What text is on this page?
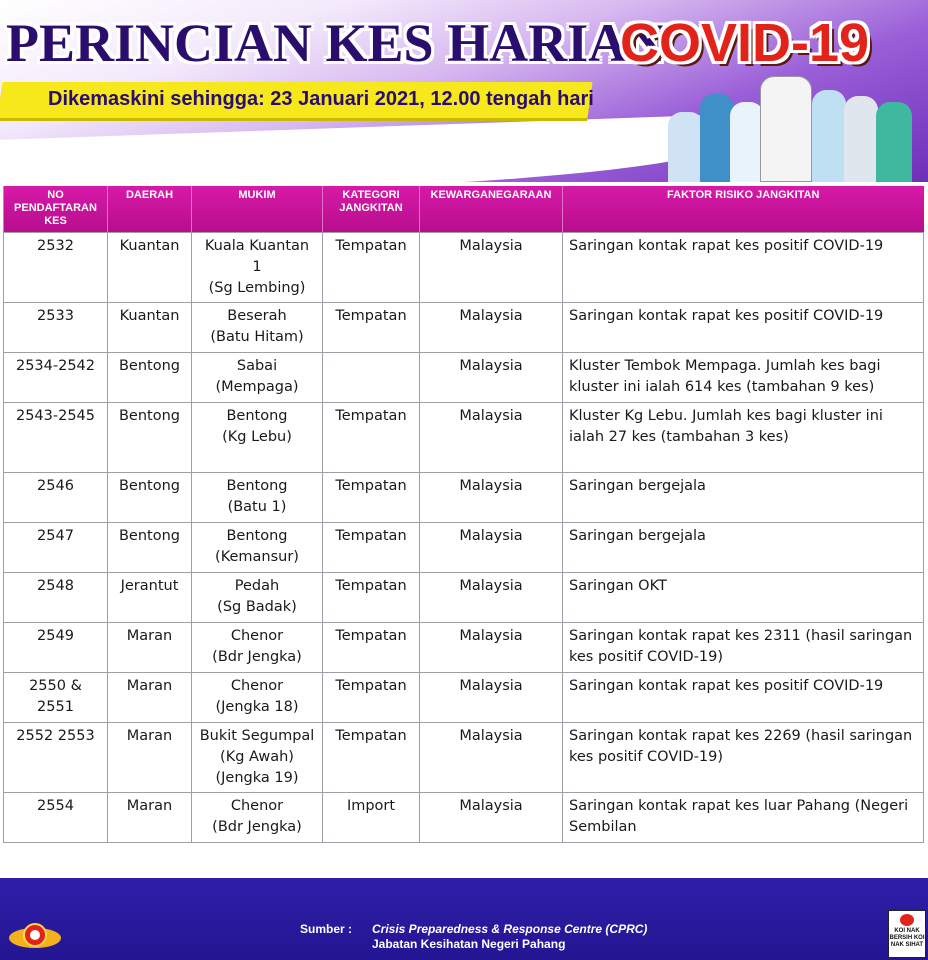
PERINCIAN KES HARIAN
COVID-19
Dikemaskini sehingga: 23 Januari 2021, 12.00 tengah hari
NO PENDAFTARAN KES	DAERAH	MUKIM	KATEGORI JANGKITAN	KEWARGANEGARAAN	FAKTOR RISIKO JANGKITAN
2532	Kuantan	Kuala Kuantan 1
(Sg Lembing)	Tempatan	Malaysia	Saringan kontak rapat kes positif COVID-19
2533	Kuantan	Beserah
(Batu Hitam)	Tempatan	Malaysia	Saringan kontak rapat kes positif COVID-19
2534-2542	Bentong	Sabai
(Mempaga)		Malaysia	Kluster Tembok Mempaga. Jumlah kes bagi kluster ini ialah 614 kes (tambahan 9 kes)
2543-2545	Bentong	Bentong
(Kg Lebu)	Tempatan	Malaysia	Kluster Kg Lebu. Jumlah kes bagi kluster ini ialah 27 kes (tambahan 3 kes)
2546	Bentong	Bentong
(Batu 1)	Tempatan	Malaysia	Saringan bergejala
2547	Bentong	Bentong
(Kemansur)	Tempatan	Malaysia	Saringan bergejala
2548	Jerantut	Pedah
(Sg Badak)	Tempatan	Malaysia	Saringan OKT
2549	Maran	Chenor
(Bdr Jengka)	Tempatan	Malaysia	Saringan kontak rapat kes 2311 (hasil saringan kes positif COVID-19)
2550 & 2551	Maran	Chenor
(Jengka 18)	Tempatan	Malaysia	Saringan kontak rapat kes positif COVID-19
2552 2553	Maran	Bukit Segumpal
(Kg Awah)
(Jengka 19)	Tempatan	Malaysia	Saringan kontak rapat kes 2269 (hasil saringan kes positif COVID-19)
2554	Maran	Chenor
(Bdr Jengka)	Import	Malaysia	Saringan kontak rapat kes luar Pahang (Negeri Sembilan
Sumber : Crisis Preparedness & Response Centre (CPRC)
Jabatan Kesihatan Negeri Pahang
KOI NAK BERSIH KOI NAK SIHAT
